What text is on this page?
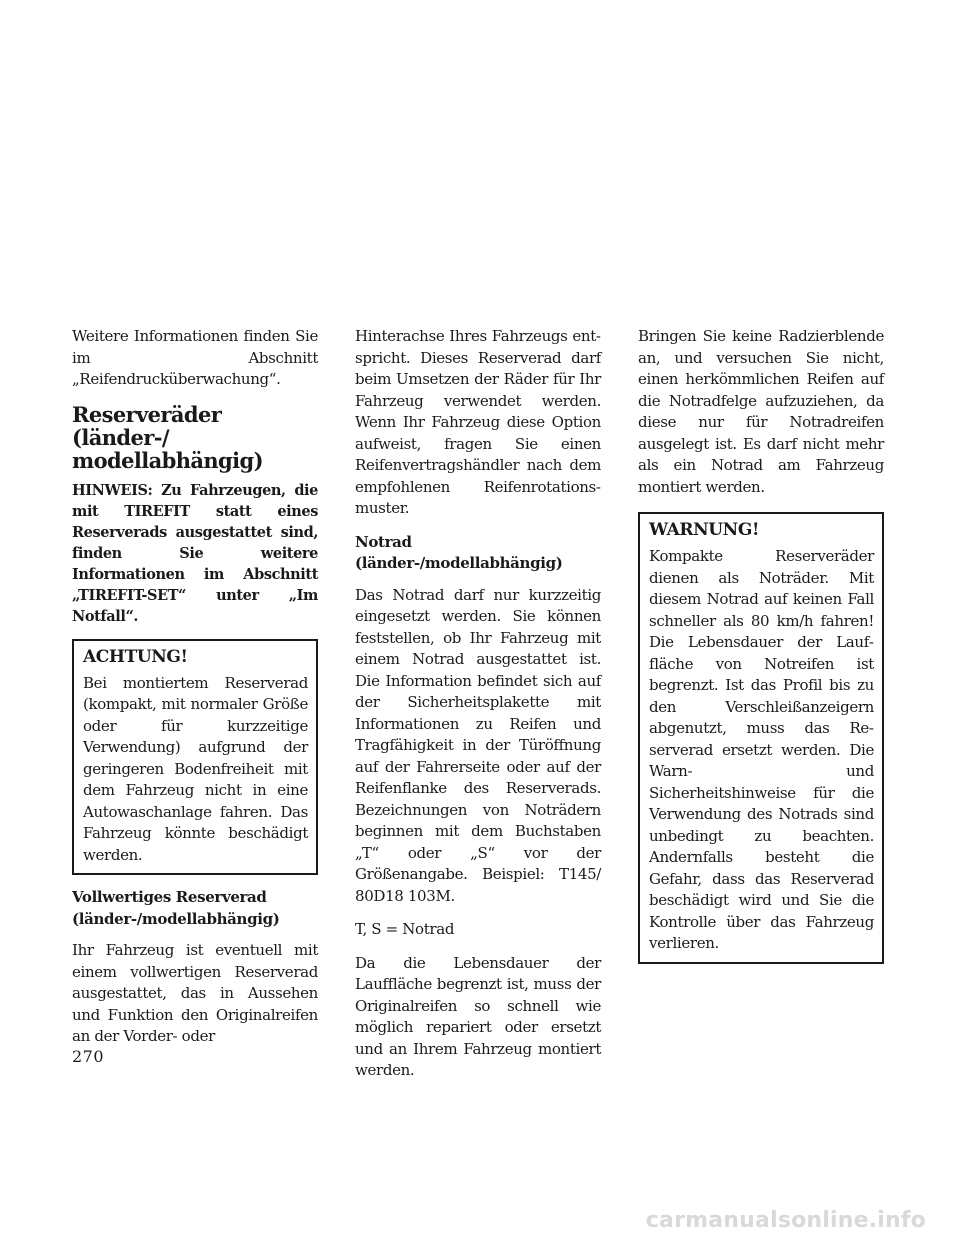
Weitere Informationen finden Sie im Abschnitt „Reifendrucküberwachung“.

Reserveräder (länder-/ modellabhängig)

HINWEIS: Zu Fahrzeugen, die mit TIREFIT statt eines Reserverads ausgestattet sind, finden Sie weitere Informationen im Abschnitt „TIREFIT-SET“ unter „Im Notfall“.

ACHTUNG!

Bei montiertem Reserverad (kompakt, mit normaler Größe oder für kurzzeitige Verwendung) aufgrund der geringeren Bodenfreiheit mit dem Fahrzeug nicht in eine Autowaschanlage fahren. Das Fahrzeug könnte beschädigt werden.

Vollwertiges Reserverad (länder-/modellabhängig)

Ihr Fahrzeug ist eventuell mit einem vollwertigen Reserverad ausgestattet, das in Aussehen und Funktion den Originalreifen an der Vorder- oder

Hinterachse Ihres Fahrzeugs entspricht. Dieses Reserverad darf beim Umsetzen der Räder für Ihr Fahrzeug verwendet werden. Wenn Ihr Fahrzeug diese Option aufweist, fragen Sie einen Reifenvertragshändler nach dem empfohlenen Reifenrotationsmuster.

Notrad (länder-/modellabhängig)

Das Notrad darf nur kurzzeitig eingesetzt werden. Sie können feststellen, ob Ihr Fahrzeug mit einem Notrad ausgestattet ist. Die Information befindet sich auf der Sicherheitsplakette mit Informationen zu Reifen und Tragfähigkeit in der Türöffnung auf der Fahrerseite oder auf der Reifenflanke des Reserverads. Bezeichnungen von Noträdern beginnen mit dem Buchstaben „T“ oder „S“ vor der Größenangabe. Beispiel: T145/ 80D18 103M.

T, S = Notrad

Da die Lebensdauer der Lauffläche begrenzt ist, muss der Originalreifen so schnell wie möglich repariert oder ersetzt und an Ihrem Fahrzeug montiert werden.

Bringen Sie keine Radzierblende an, und versuchen Sie nicht, einen herkömmlichen Reifen auf die Notradfelge aufzuziehen, da diese nur für Notradreifen ausgelegt ist. Es darf nicht mehr als ein Notrad am Fahrzeug montiert werden.

WARNUNG!

Kompakte Reserveräder dienen als Noträder. Mit diesem Notrad auf keinen Fall schneller als 80 km/h fahren! Die Lebensdauer der Lauffläche von Notreifen ist begrenzt. Ist das Profil bis zu den Verschleißanzeigern abgenutzt, muss das Reserverad ersetzt werden. Die Warn- und Sicherheitshinweise für die Verwendung des Notrads sind unbedingt zu beachten. Andernfalls besteht die Gefahr, dass das Reserverad beschädigt wird und Sie die Kontrolle über das Fahrzeug verlieren.

270
carmanualsonline.info
